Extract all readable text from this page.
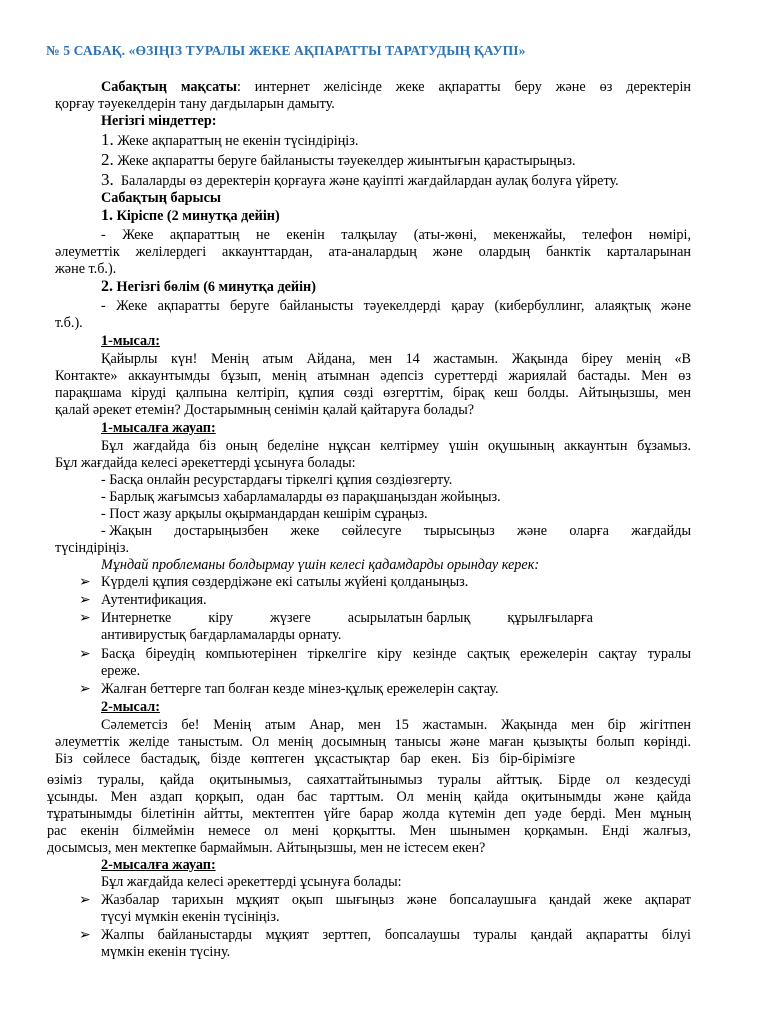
№ 5 САБАҚ. «ӨЗІҢІЗ ТУРАЛЫ ЖЕКЕ АҚПАРАТТЫ ТАРАТУДЫҢ ҚАУПІ»
Сабақтың мақсаты: интернет желісінде жеке ақпаратты беру және өз деректерін
қорғау тәуекелдерін тану дағдыларын дамыту.
Негізгі міндеттер:
1. Жеке ақпараттың не екенін түсіндіріңіз.
2. Жеке ақпаратты беруге байланысты тәуекелдер жиынтығын қарастырыңыз.
3. Балаларды өз деректерін қорғауға және қауіпті жағдайлардан аулақ болуға үйрету.
Сабақтың барысы
1. Кіріспе (2 минутқа дейін)
- Жеке ақпараттың не екенін талқылау (аты-жөні, мекенжайы, телефон нөмірі,
әлеуметтік желілердегі аккаунттардан, ата-аналардың және олардың банктік карталарынан
және т.б.).
2. Негізгі бөлім (6 минутқа дейін)
- Жеке ақпаратты беруге байланысты тәуекелдерді қарау (кибербуллинг, алаяқтық және
т.б.).
1-мысал:
Қайырлы күн! Менің атым Айдана, мен 14 жастамын. Жақында біреу менің «В
Контакте» аккаунтымды бұзып, менің атымнан әдепсіз суреттерді жариялай бастады. Мен өз
парақшама кіруді қалпына келтіріп, құпия сөзді өзгерттім, бірақ кеш болды. Айтыңызшы, мен
қалай әрекет етемін? Достарымның сенімін қалай қайтаруға болады?
1-мысалға жауап:
Бұл жағдайда біз оның беделіне нұқсан келтірмеу үшін оқушының аккаунтын бұзамыз.
Бұл жағдайда келесі әрекеттерді ұсынуға болады:
- Басқа онлайн ресурстардағы тіркелгі құпия сөздіөзгерту.
- Барлық жағымсыз хабарламаларды өз парақшаңыздан жойыңыз.
- Пост жазу арқылы оқырмандардан кешірім сұраңыз.
- Жақын достарыңызбен жеке сөйлесуге тырысыңыз және оларға жағдайды
түсіндіріңіз.
Мұндай проблеманы болдырмау үшін келесі қадамдарды орындау керек:
➢ Күрделі құпия сөздердіжәне екі сатылы жүйені қолданыңыз.
➢ Аутентификация.
➢ Интернетке	кіру	жүзеге	асырылатын барлық	құрылғыларға
антивирустық бағдарламаларды орнату.
➢ Басқа біреудің компьютерінен тіркелгіге кіру кезінде сақтық ережелерін сақтау туралы
ереже.
➢ Жалған беттерге тап болған кезде мінез-құлық ережелерін сақтау.
2-мысал:
Сәлеметсіз бе! Менің атым Анар, мен 15 жастамын. Жақында мен бір жігітпен
әлеуметтік желіде таныстым. Ол менің досымның танысы және маған қызықты болып көрінді.
Біз сөйлесе бастадық, бізде көптеген ұқсастықтар бар екен. Біз бір-бірімізге
өзіміз туралы, қайда оқитынымыз, саяхаттайтынымыз туралы айттық. Бірде ол кездесуді
ұсынды. Мен аздап қорқып, одан бас тарттым. Ол менің қайда оқитынымды және қайда
тұратынымды білетінін айтты, мектептен үйге барар жолда күтемін деп уәде берді. Мен мұның
рас екенін білмеймін немесе ол мені қорқытты. Мен шынымен қорқамын. Енді жалғыз,
досымсыз, мен мектепке бармаймын. Айтыңызшы, мен не істесем екен?
2-мысалға жауап:
Бұл жағдайда келесі әрекеттерді ұсынуға болады:
➢ Жазбалар тарихын мұқият оқып шығыңыз және бопсалаушыға қандай жеке ақпарат
түсуі мүмкін екенін түсініңіз.
➢ Жалпы байланыстарды мұқият зерттеп, бопсалаушы туралы қандай ақпаратты білуі
мүмкін екенін түсіну.
